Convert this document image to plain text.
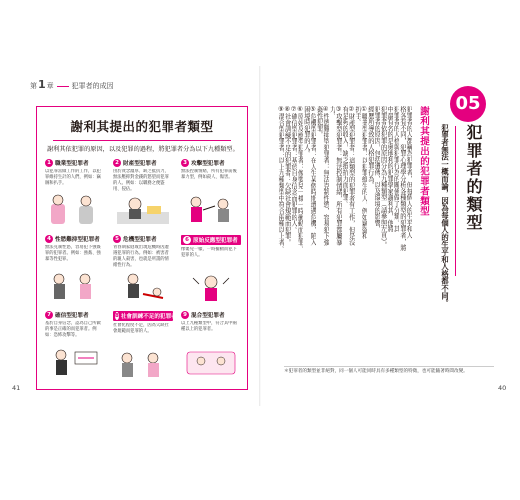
第1章	犯罪者的成因
謝利其提出的犯罪者類型
謝利其依犯罪的原因，以及犯罪的過程，將犯罪者分為以下九種類型。
1 職業型犯罪者
以犯罪當做工作的工作，以犯罪維持生計的人們，例如：竊賊和扒手。
2 財產型犯罪者
由於貪念濃厚、缺乏抵抗力，無法壓抑對金錢的慾望而犯罪的人。例如：以職務之便盜用、侵佔。
3 攻擊型犯罪者
無法控制情緒，所有犯罪前後暴力型，例如殺人、傷害。
4 性慾難抑型犯罪者
無法克制性慾，容易犯下強姦罪的犯罪者。例如：強姦、強暴等性犯罪。
5 危機型犯罪者
青春期家庭或出現危機時因遭遇犯罪的行為。例如：被害者的親人殺害，也就是所謂的情緒性行為。
6 原始反應型犯罪者
像嬰兒一樣，一時衝動而犯下犯罪的人。
7 確信型犯罪者
基於自身信念，認為自己所做的事是正確的而犯罪者。例如：恐怖攻擊等。
8 社會訓練不足的犯罪者
社會化程度不足，因為欠缺社會規範而犯罪的人。
9 混合型犯罪者
以上九種類型中，符合其中兩種以上的犯罪者。
41
05
犯罪者的類型
犯罪者無法一概而論，因為每個人的生平和人格都不同。
謝利其提出的犯罪者類型
犯罪者的人都稱為犯罪者，但每個人的生平和人
格各有不同，犯罪心理學分析各種類型的犯罪者，將
犯罪者的人格與犯罪行為的關係做了分類。其
中最有名的是奧地利的犯罪學家謝利其，他將
犯罪者依犯罪的原因分為九種類型（請參照左頁）。
犯罪者的原因，包括遺傳，以及環境的影響，
經歷所導致的人格犯罪行為。
①職業型犯罪者：以犯罪維生的人，例如竊盜和
扒手。
②財產型犯罪者：這類型的犯罪者有工作，但是沒
有足夠的收入，缺乏抵抗力而犯罪。
③攻擊型犯罪者：無法控制情緒，所有犯罪都屬暴
力。
④性慾難抑型犯罪者：無法克制性慾，容易犯下強
姦性犯罪。
⑤危機型犯罪者：在人生某個時期遭遇危機，陷入
困境時犯罪的人。
⑥原始反應型犯罪者：像嬰兒一樣一時衝動而犯罪。
⑦確信型犯罪者：基於自身信念而犯罪的人。
⑧社會訓練不足的犯罪者：欠缺社會規範而犯罪。
⑨混合型犯罪者：以上九種類型中符合兩種以上者。
＊犯罪者的類型並非絕對，同一個人可能同時具有多種類型的特徵，也可能隨著時間改變。
40
